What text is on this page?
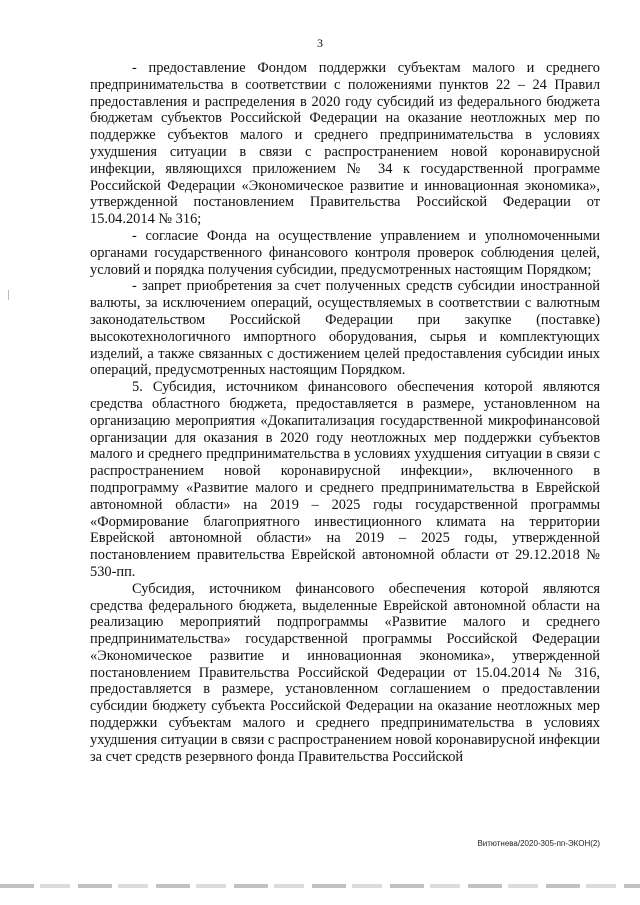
3

- предоставление Фондом поддержки субъектам малого и среднего предпринимательства в соответствии с положениями пунктов 22 – 24 Правил предоставления и распределения в 2020 году субсидий из федерального бюджета бюджетам субъектов Российской Федерации на оказание неотложных мер по поддержке субъектов малого и среднего предпринимательства в условиях ухудшения ситуации в связи с распространением новой коронавирусной инфекции, являющихся приложением № 34 к государственной программе Российской Федерации «Экономическое развитие и инновационная экономика», утвержденной постановлением Правительства Российской Федерации от 15.04.2014 № 316;

- согласие Фонда на осуществление управлением и уполномоченными органами государственного финансового контроля проверок соблюдения целей, условий и порядка получения субсидии, предусмотренных настоящим Порядком;

- запрет приобретения за счет полученных средств субсидии иностранной валюты, за исключением операций, осуществляемых в соответствии с валютным законодательством Российской Федерации при закупке (поставке) высокотехнологичного импортного оборудования, сырья и комплектующих изделий, а также связанных с достижением целей предоставления субсидии иных операций, предусмотренных настоящим Порядком.

5. Субсидия, источником финансового обеспечения которой являются средства областного бюджета, предоставляется в размере, установленном на организацию мероприятия «Докапитализация государственной микрофинансовой организации для оказания в 2020 году неотложных мер поддержки субъектов малого и среднего предпринимательства в условиях ухудшения ситуации в связи с распространением новой коронавирусной инфекции», включенного в подпрограмму «Развитие малого и среднего предпринимательства в Еврейской автономной области» на 2019 – 2025 годы государственной программы «Формирование благоприятного инвестиционного климата на территории Еврейской автономной области» на 2019 – 2025 годы, утвержденной постановлением правительства Еврейской автономной области от 29.12.2018 № 530-пп.

Субсидия, источником финансового обеспечения которой являются средства федерального бюджета, выделенные Еврейской автономной области на реализацию мероприятий подпрограммы «Развитие малого и среднего предпринимательства» государственной программы Российской Федерации «Экономическое развитие и инновационная экономика», утвержденной постановлением Правительства Российской Федерации от 15.04.2014 № 316, предоставляется в размере, установленном соглашением о предоставлении субсидии бюджету субъекта Российской Федерации на оказание неотложных мер поддержки субъектам малого и среднего предпринимательства в условиях ухудшения ситуации в связи с распространением новой коронавирусной инфекции за счет средств резервного фонда Правительства Российской

Витютнева/2020-305-пп-ЭКОН(2)
